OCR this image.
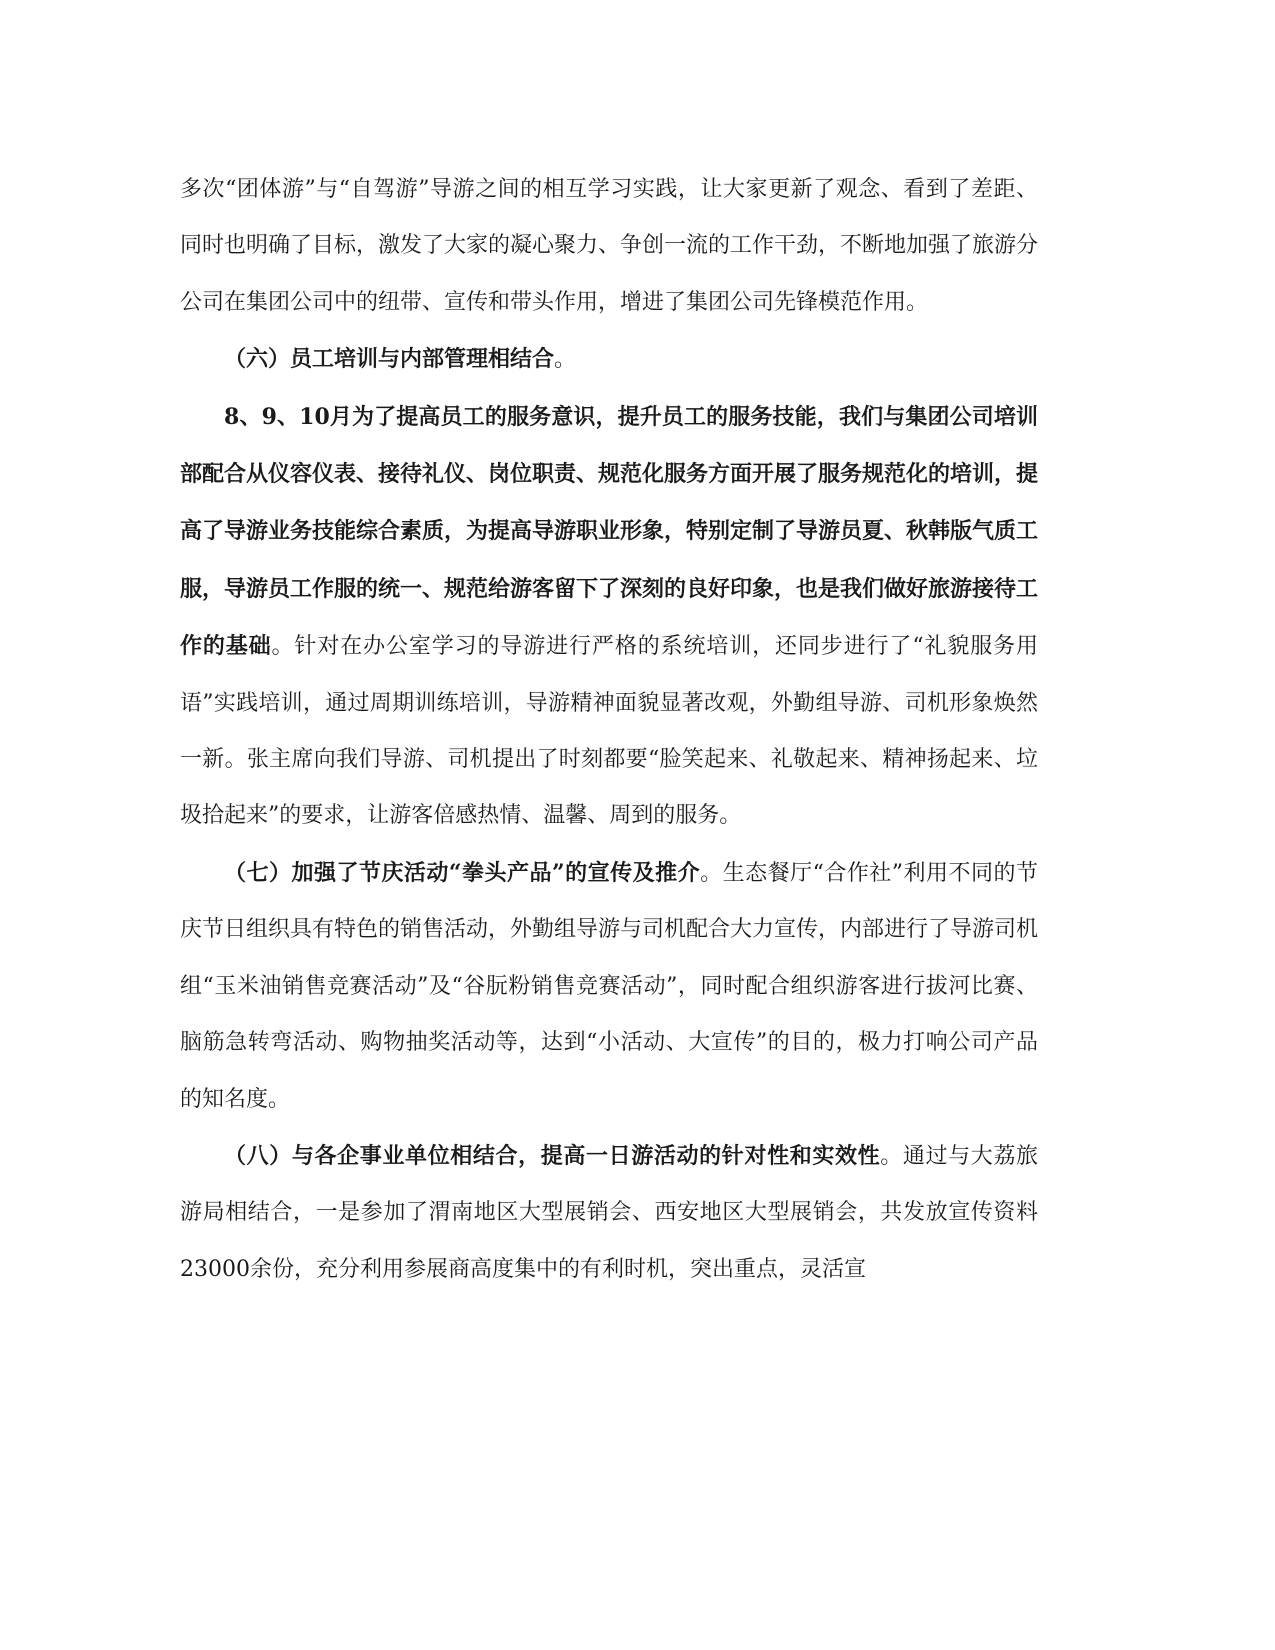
多次“团体游”与“自驾游”导游之间的相互学习实践，让大家更新了观念、看到了差距、同时也明确了目标，激发了大家的凝心聚力、争创一流的工作干劲，不断地加强了旅游分公司在集团公司中的纽带、宣传和带头作用，增进了集团公司先锋模范作用。

（六）员工培训与内部管理相结合。

8、9、10月为了提高员工的服务意识，提升员工的服务技能，我们与集团公司培训部配合从仪容仪表、接待礼仪、岗位职责、规范化服务方面开展了服务规范化的培训，提高了导游业务技能综合素质，为提高导游职业形象，特别定制了导游员夏、秋韩版气质工服，导游员工作服的统一、规范给游客留下了深刻的良好印象，也是我们做好旅游接待工作的基础。针对在办公室学习的导游进行严格的系统培训，还同步进行了“礼貌服务用语”实践培训，通过周期训练培训，导游精神面貌显著改观，外勤组导游、司机形象焕然一新。张主席向我们导游、司机提出了时刻都要“脸笑起来、礼敬起来、精神扬起来、垃圾拾起来”的要求，让游客倍感热情、温馨、周到的服务。

（七）加强了节庆活动“拳头产品”的宣传及推介。生态餐厅“合作社”利用不同的节庆节日组织具有特色的销售活动，外勤组导游与司机配合大力宣传，内部进行了导游司机组“玉米油销售竞赛活动”及“谷朊粉销售竞赛活动”，同时配合组织游客进行拔河比赛、脑筋急转弯活动、购物抽奖活动等，达到“小活动、大宣传”的目的，极力打响公司产品的知名度。

（八）与各企事业单位相结合，提高一日游活动的针对性和实效性。通过与大荔旅游局相结合，一是参加了渭南地区大型展销会、西安地区大型展销会，共发放宣传资料23000余份，充分利用参展商高度集中的有利时机，突出重点，灵活宣
